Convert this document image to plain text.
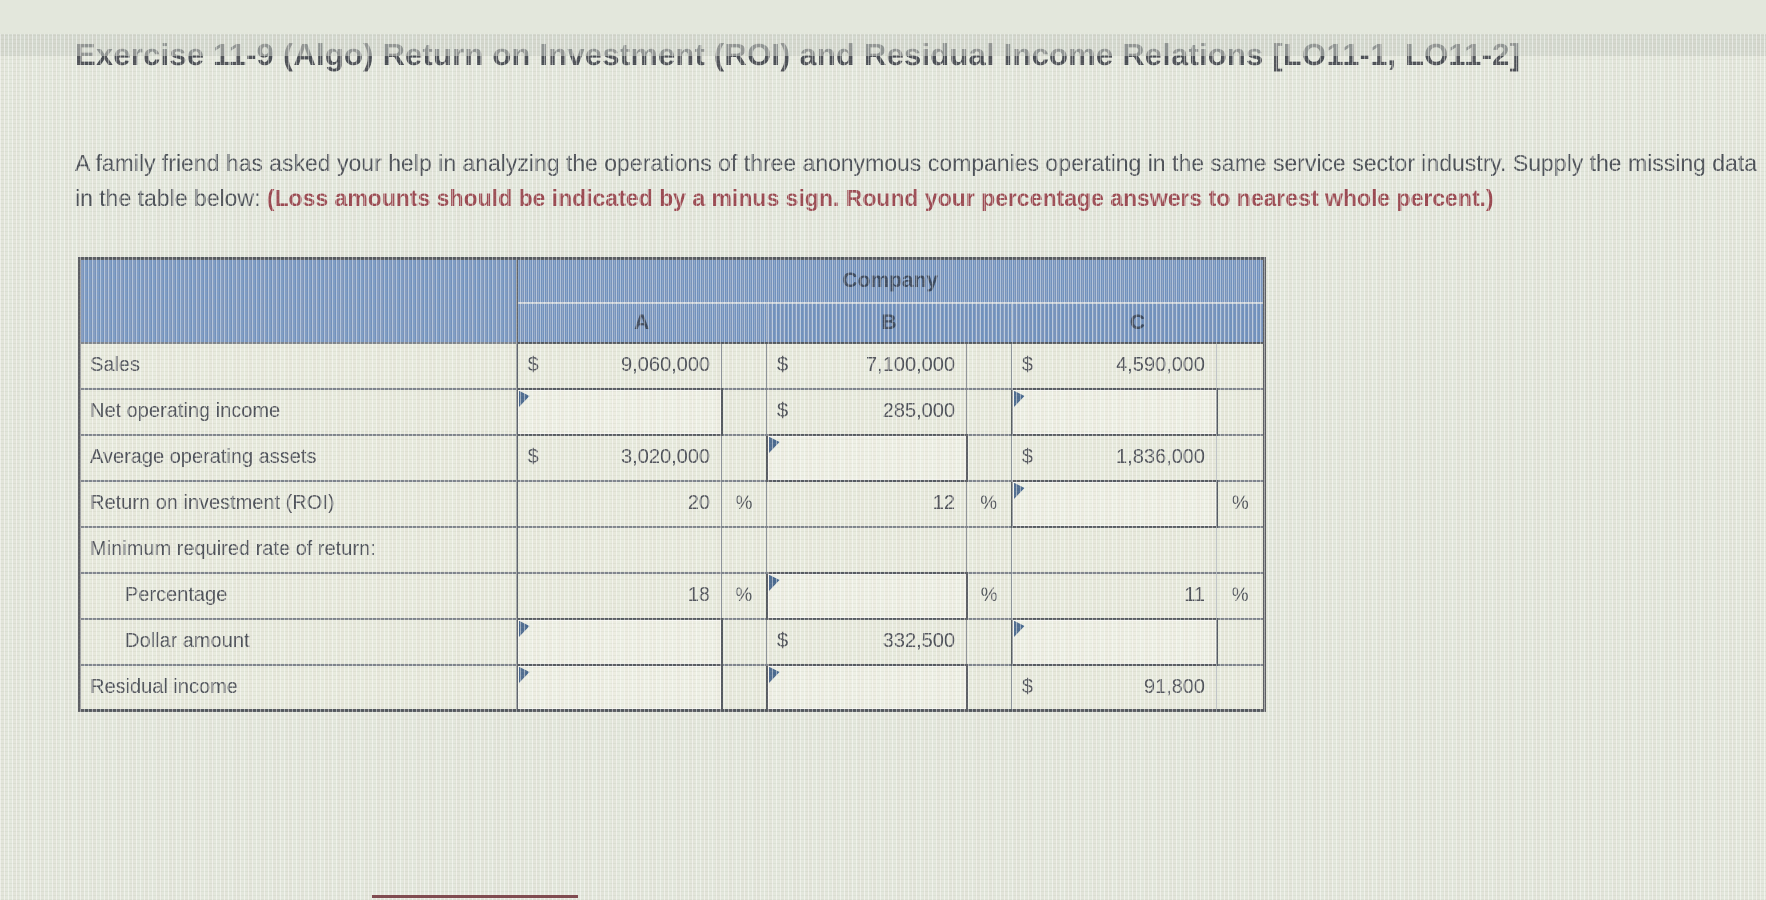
A family friend has asked your help in analyzing the operations of three anonymous companies operating in the same service sector industry. Supply the missing data in the table below: (Loss amounts should be indicated by a minus sign. Round your percentage answers to nearest whole percent.)

	Company					
	A		B		C	
Sales	$ 9,060,000		$ 7,100,000		$ 4,590,000	

Net operating income			$ 285,000			

Average operating assets	$ 3,020,000				$ 1,836,000	

Return on investment (ROI)	20	%	12	%		%
Minimum required rate of return:						
Percentage	18	%		%	11	%
Dollar amount			$ 332,500			

Residual income					$ 91,800	
